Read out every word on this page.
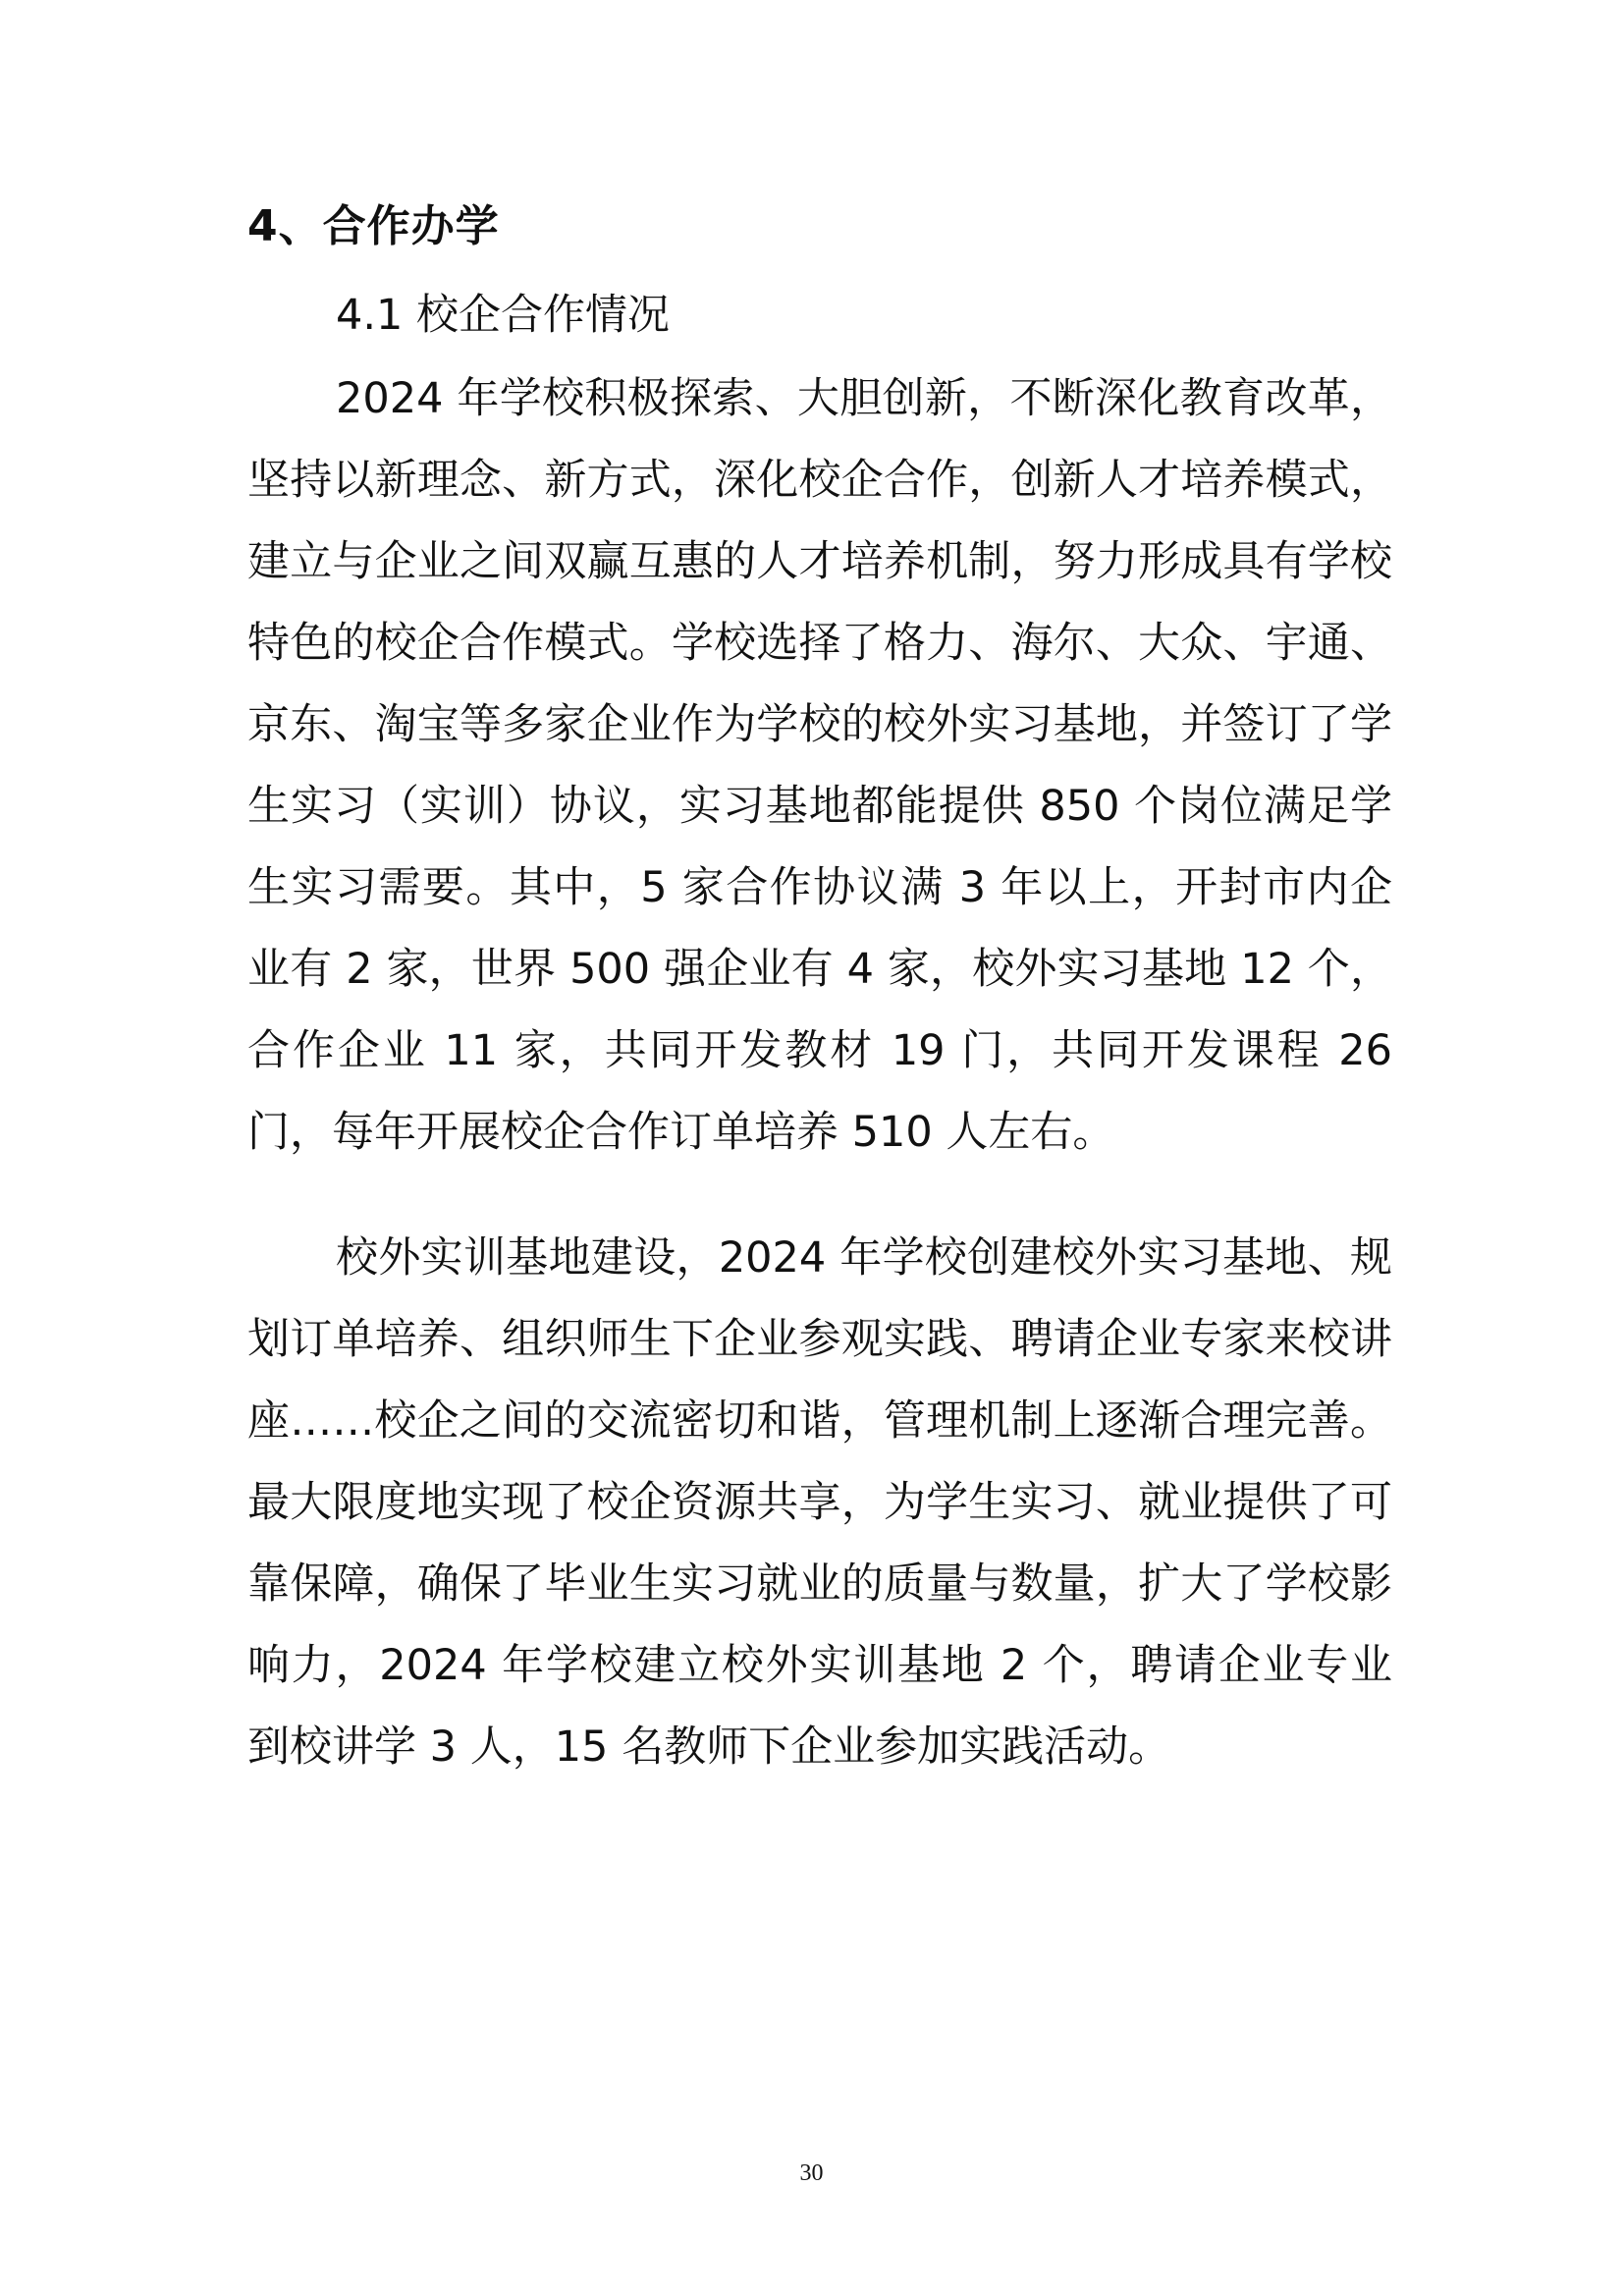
4、合作办学
4.1 校企合作情况

2024 年学校积极探索、大胆创新，不断深化教育改革，坚持以新理念、新方式，深化校企合作，创新人才培养模式，建立与企业之间双赢互惠的人才培养机制，努力形成具有学校特色的校企合作模式。学校选择了格力、海尔、大众、宇通、京东、淘宝等多家企业作为学校的校外实习基地，并签订了学生实习（实训）协议，实习基地都能提供 850 个岗位满足学生实习需要。其中，5 家合作协议满 3 年以上，开封市内企业有 2 家，世界 500 强企业有 4 家，校外实习基地 12 个，合作企业 11 家，共同开发教材 19 门，共同开发课程 26 门，每年开展校企合作订单培养 510 人左右。

校外实训基地建设，2024 年学校创建校外实习基地、规划订单培养、组织师生下企业参观实践、聘请企业专家来校讲座……校企之间的交流密切和谐，管理机制上逐渐合理完善。最大限度地实现了校企资源共享，为学生实习、就业提供了可靠保障，确保了毕业生实习就业的质量与数量，扩大了学校影响力，2024 年学校建立校外实训基地 2 个，聘请企业专业到校讲学 3 人，15 名教师下企业参加实践活动。

30
